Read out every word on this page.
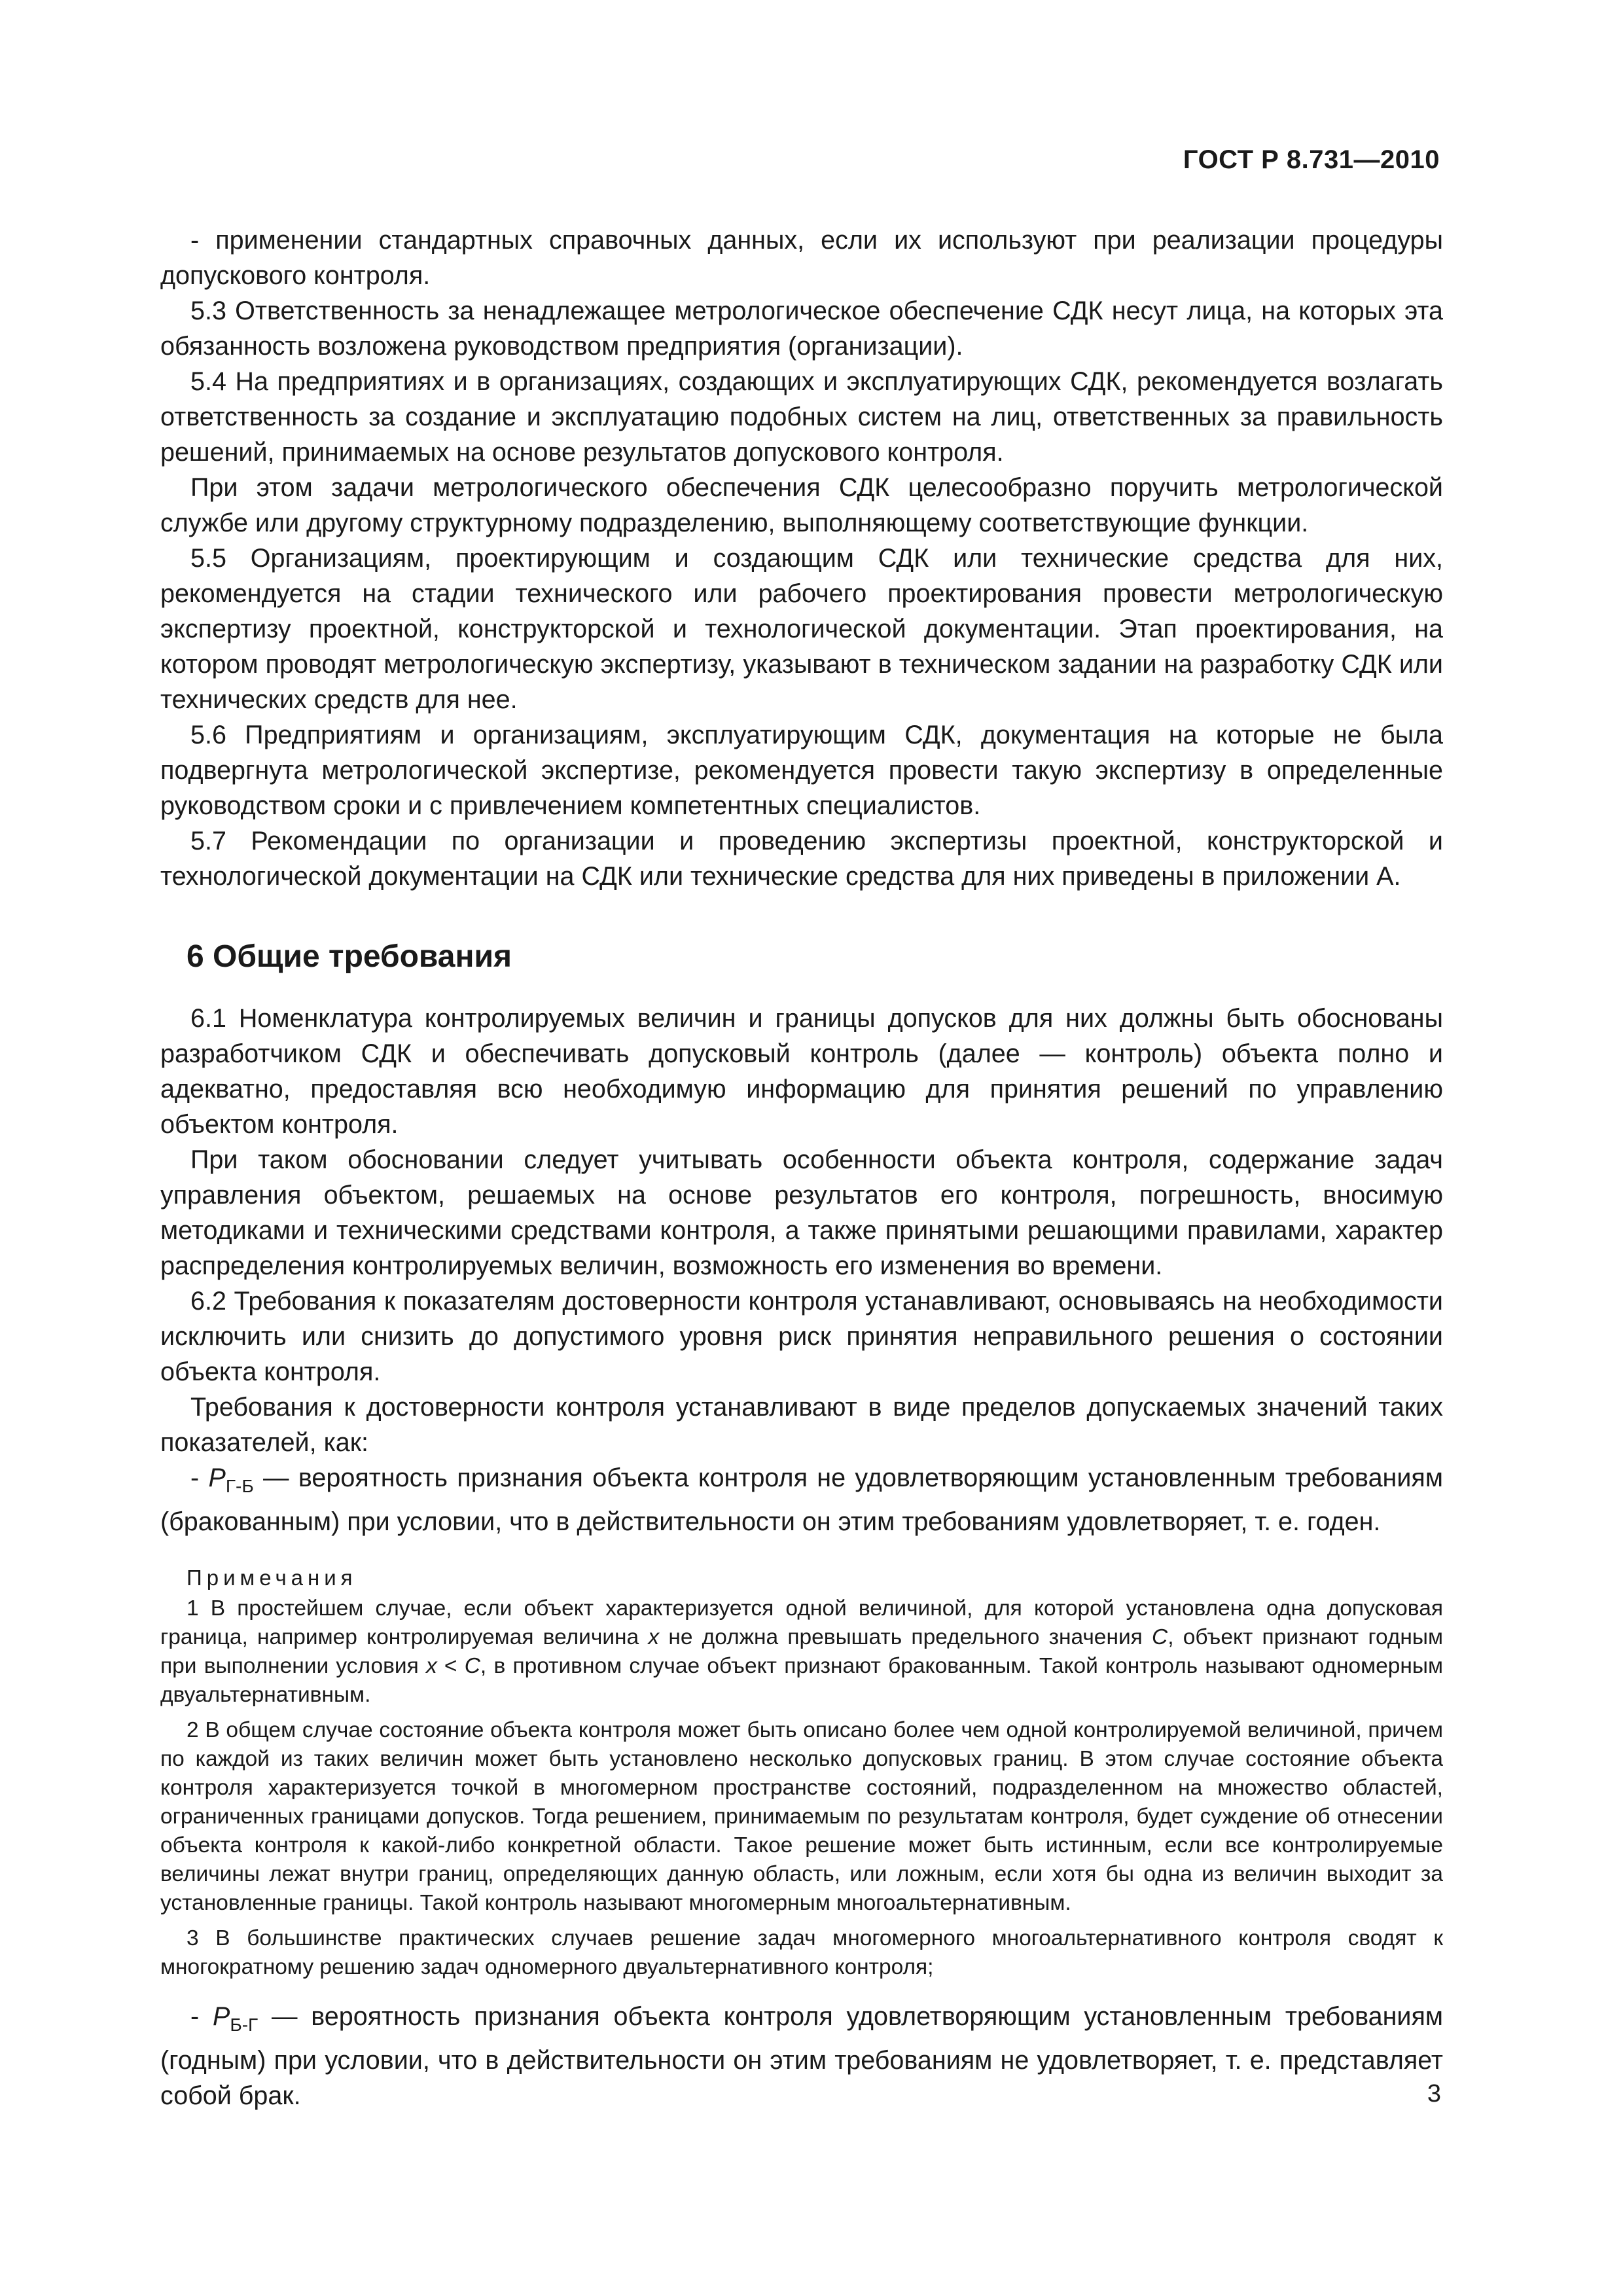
ГОСТ Р 8.731—2010

- применении стандартных справочных данных, если их используют при реализации процедуры допускового контроля.

5.3 Ответственность за ненадлежащее метрологическое обеспечение СДК несут лица, на которых эта обязанность возложена руководством предприятия (организации).

5.4 На предприятиях и в организациях, создающих и эксплуатирующих СДК, рекомендуется возлагать ответственность за создание и эксплуатацию подобных систем на лиц, ответственных за правильность решений, принимаемых на основе результатов допускового контроля.

При этом задачи метрологического обеспечения СДК целесообразно поручить метрологической службе или другому структурному подразделению, выполняющему соответствующие функции.

5.5 Организациям, проектирующим и создающим СДК или технические средства для них, рекомендуется на стадии технического или рабочего проектирования провести метрологическую экспертизу проектной, конструкторской и технологической документации. Этап проектирования, на котором проводят метрологическую экспертизу, указывают в техническом задании на разработку СДК или технических средств для нее.

5.6 Предприятиям и организациям, эксплуатирующим СДК, документация на которые не была подвергнута метрологической экспертизе, рекомендуется провести такую экспертизу в определенные руководством сроки и с привлечением компетентных специалистов.

5.7 Рекомендации по организации и проведению экспертизы проектной, конструкторской и технологической документации на СДК или технические средства для них приведены в приложении А.

6 Общие требования

6.1 Номенклатура контролируемых величин и границы допусков для них должны быть обоснованы разработчиком СДК и обеспечивать допусковый контроль (далее — контроль) объекта полно и адекватно, предоставляя всю необходимую информацию для принятия решений по управлению объектом контроля.

При таком обосновании следует учитывать особенности объекта контроля, содержание задач управления объектом, решаемых на основе результатов его контроля, погрешность, вносимую методиками и техническими средствами контроля, а также принятыми решающими правилами, характер распределения контролируемых величин, возможность его изменения во времени.

6.2 Требования к показателям достоверности контроля устанавливают, основываясь на необходимости исключить или снизить до допустимого уровня риск принятия неправильного решения о состоянии объекта контроля.

Требования к достоверности контроля устанавливают в виде пределов допускаемых значений таких показателей, как:

- $P_{Г-Б}$ — вероятность признания объекта контроля не удовлетворяющим установленным требованиям (бракованным) при условии, что в действительности он этим требованиям удовлетворяет, т. е. годен.

Примечания

1 В простейшем случае, если объект характеризуется одной величиной, для которой установлена одна допусковая граница, например контролируемая величина x не должна превышать предельного значения C, объект признают годным при выполнении условия x < C, в противном случае объект признают бракованным. Такой контроль называют одномерным двуальтернативным.

2 В общем случае состояние объекта контроля может быть описано более чем одной контролируемой величиной, причем по каждой из таких величин может быть установлено несколько допусковых границ. В этом случае состояние объекта контроля характеризуется точкой в многомерном пространстве состояний, подразделенном на множество областей, ограниченных границами допусков. Тогда решением, принимаемым по результатам контроля, будет суждение об отнесении объекта контроля к какой-либо конкретной области. Такое решение может быть истинным, если все контролируемые величины лежат внутри границ, определяющих данную область, или ложным, если хотя бы одна из величин выходит за установленные границы. Такой контроль называют многомерным многоальтернативным.

3 В большинстве практических случаев решение задач многомерного многоальтернативного контроля сводят к многократному решению задач одномерного двуальтернативного контроля;

- $P_{Б-Г}$ — вероятность признания объекта контроля удовлетворяющим установленным требованиям (годным) при условии, что в действительности он этим требованиям не удовлетворяет, т. е. представляет собой брак.	3
